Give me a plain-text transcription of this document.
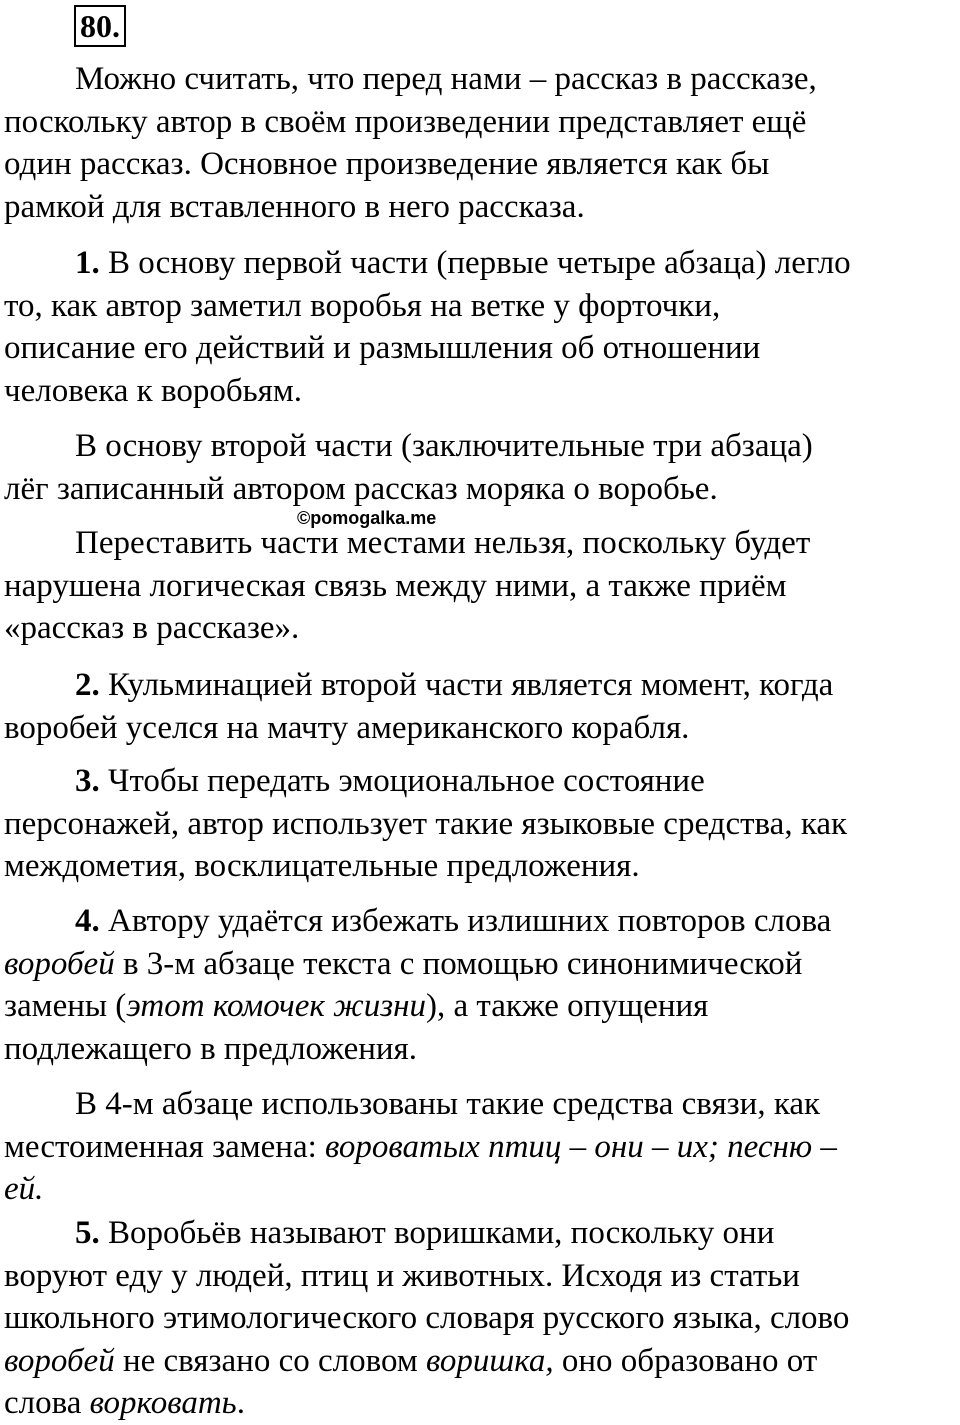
80.
Можно считать, что перед нами – рассказ в рассказе,
поскольку автор в своём произведении представляет ещё
один рассказ. Основное произведение является как бы
рамкой для вставленного в него рассказа.
1. В основу первой части (первые четыре абзаца) легло
то, как автор заметил воробья на ветке у форточки,
описание его действий и размышления об отношении
человека к воробьям.
В основу второй части (заключительные три абзаца)
лёг записанный автором рассказ моряка о воробье.
©pomogalka.me
Переставить части местами нельзя, поскольку будет
нарушена логическая связь между ними, а также приём
«рассказ в рассказе».
2. Кульминацией второй части является момент, когда
воробей уселся на мачту американского корабля.
3. Чтобы передать эмоциональное состояние
персонажей, автор использует такие языковые средства, как
междометия, восклицательные предложения.
4. Автору удаётся избежать излишних повторов слова
воробей в 3-м абзаце текста с помощью синонимической
замены (этот комочек жизни), а также опущения
подлежащего в предложения.
В 4-м абзаце использованы такие средства связи, как
местоименная замена: вороватых птиц – они – их; песню –
ей.
5. Воробьёв называют воришками, поскольку они
воруют еду у людей, птиц и животных. Исходя из статьи
школьного этимологического словаря русского языка, слово
воробей не связано со словом воришка, оно образовано от
слова ворковать.
